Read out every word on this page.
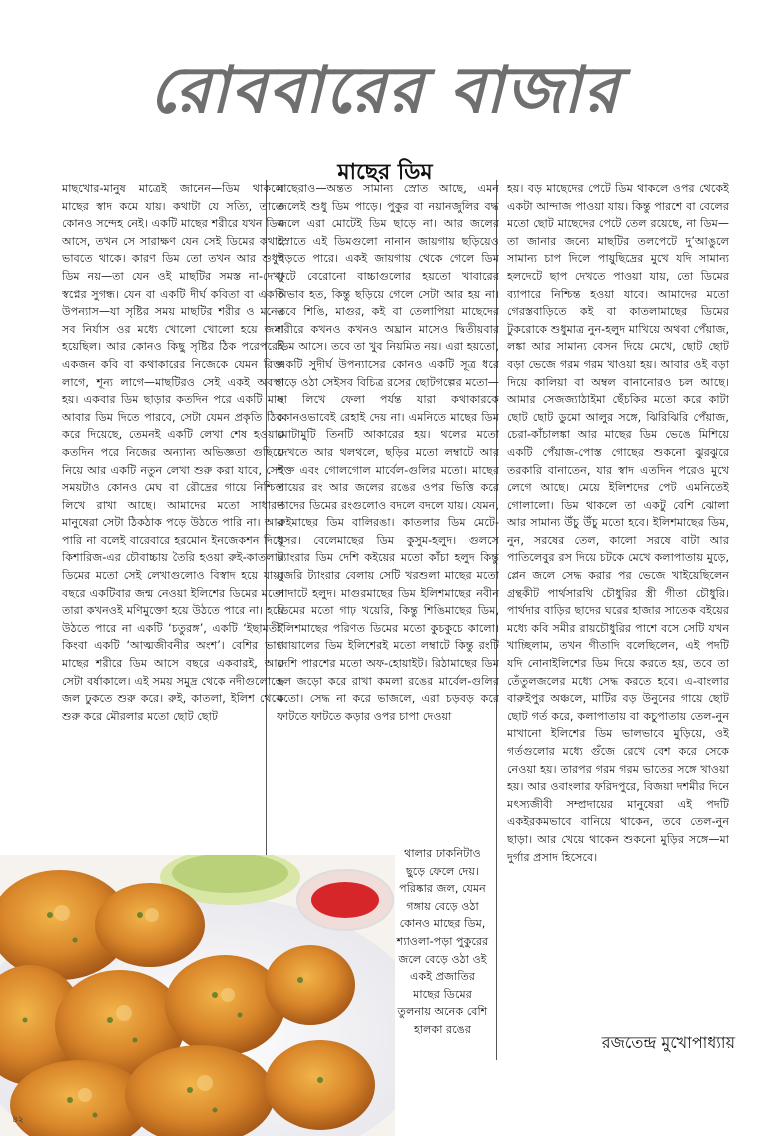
রোববারের বাজার
মাছের ডিম

মাছখোর-মানুষ মাত্রেই জানেন—ডিম থাকলে মাছের স্বাদ কমে যায়। কথাটা যে সত্যি, তাতে কোনও সন্দেহ নেই। একটি মাছের শরীরে যখন ডিম আসে, তখন সে সারাক্ষণ যেন সেই ডিমের কথাই ভাবতে থাকে। কারণ ডিম তো তখন আর শুধুই ডিম নয়—তা যেন ওই মাছটির সমস্ত না-দেখা স্বপ্নের সুগন্ধ। যেন বা একটি দীর্ঘ কবিতা বা একটি উপন্যাস—যা সৃষ্টির সময় মাছটির শরীর ও মনের সব নির্যাস ওর মধ্যে খোলো খোলো হয়ে জমা হয়েছিল। আর কোনও কিছু সৃষ্টির ঠিক পরেপরেই একজন কবি বা কথাকারের নিজেকে যেমন রিক্ত লাগে, শূন্য লাগে—মাছটিরও সেই একই অবস্থা হয়। একবার ডিম ছাড়ার কতদিন পরে একটি মাছ আবার ডিম দিতে পারবে, সেটা যেমন প্রকৃতি ঠিক করে দিয়েছে, তেমনই একটি লেখা শেষ হওয়ার কতদিন পরে নিজের অন্যান্য অভিজ্ঞতা গুছিয়ে নিয়ে আর একটি নতুন লেখা শুরু করা যাবে, সেই সময়টাও কোনও মেঘ বা রৌদ্রের গায়ে নিশ্চিত লিখে রাখা আছে। আমাদের মতো সাধারণ মানুষেরা সেটা ঠিকঠাক পড়ে উঠতে পারি না। আর পারি না বলেই বারেবারে হরমোন ইনজেকশন দিয়ে কিশারিজ-এর চৌবাচ্চায় তৈরি হওয়া রুই-কাতলার ডিমের মতো সেই লেখাগুলোও বিস্বাদ হয়ে যায়। বছরে একটিবার জন্ম নেওয়া ইলিশের ডিমের মতো তারা কখনওই মণিমুক্তো হয়ে উঠতে পারে না। হয়ে উঠতে পারে না একটি ‘চতুরঙ্গ’, একটি ‘ইছামতী’ কিংবা একটি ‘আত্মজীবনীর অংশ’। বেশির ভাগ মাছের শরীরে ডিম আসে বছরে একবারই, আর সেটা বর্ষাকালে। এই সময় সমুদ্র থেকে নদীগুলোতে জল ঢুকতে শুরু করে। রুই, কাতলা, ইলিশ থেকে শুরু করে মৌরলার মতো ছোট ছোট

মাছেরাও—অন্তত সামান্য স্রোত আছে, এমন জলেই শুধু ডিম পাড়ে। পুকুর বা নয়ানজুলির বদ্ধ জলে এরা মোটেই ডিম ছাড়ে না। আর জলের স্রোতে এই ডিমগুলো নানান জায়গায় ছড়িয়েও পড়তে পারে। একই জায়গায় থেকে গেলে ডিম ফুটে বেরোনো বাচ্চাগুলোর হয়তো খাবারের অভাব হত, কিন্তু ছড়িয়ে গেলে সেটা আর হয় না। তবে শিঙি, মাগুর, কই বা তেলাপিয়া মাছেদের শরীরে কখনও কখনও অঘ্রান মাসেও দ্বিতীয়বার ডিম আসে। তবে তা খুব নিয়মিত নয়। এরা হয়তো, একটি সুদীর্ঘ উপন্যাসের কোনও একটি সূত্র ধরে গড়ে ওঠা সেইসব বিচিত্র রসের ছোটগল্পের মতো—না লিখে ফেলা পর্যন্ত যারা কথাকারকে কোনওভাবেই রেহাই দেয় না। এমনিতে মাছের ডিম মোটামুটি তিনটি আকারের হয়। থলের মতো দেখতে আর থলথলে, ছড়ির মতো লম্বাটে আর শক্ত এবং গোলগোল মার্বেল-গুলির মতো। মাছের গায়ের রং আর জলের রঙের ওপর ভিত্তি করে তাদের ডিমের রংগুলোও বদলে বদলে যায়। যেমন, রুইমাছের ডিম বালিরঙা। কাতলার ডিম মেটে-ধূসর। বেলেমাছের ডিম কুসুম-হলুদ। গুলসে ট্যাংরার ডিম দেশি কইয়ের মতো কাঁচা হলুদ কিন্তু বুজরি ট্যাংরার বেলায় সেটি খরশুলা মাছের মতো সাদাটে হলুদ। মাগুরমাছের ডিম ইলিশমাছের নবীন ডিমের মতো গাঢ় খয়েরি, কিন্তু শিঙিমাছের ডিম, ইলিশমাছের পরিণত ডিমের মতো কুচকুচে কালো। বোয়ালের ডিম ইলিশেরই মতো লম্বাটে কিন্তু রংটি দেশি পারশের মতো অফ-হোয়াইট। রিঠামাছের ডিম হল জড়ো করে রাখা কমলা রঙের মার্বেল-গুলির মতো। সেদ্ধ না করে ভাজলে, এরা চড়বড় করে ফাটতে ফাটতে কড়ার ওপর চাপা দেওয়া

থালার ঢাকনিটাও ছুড়ে ফেলে দেয়। পরিষ্কার জল, যেমন গঙ্গায় বেড়ে ওঠা কোনও মাছের ডিম, শ্যাওলা-পড়া পুকুরের জলে বেড়ে ওঠা ওই একই প্রজাতির মাছের ডিমের তুলনায় অনেক বেশি হালকা রঙের

হয়। বড় মাছেদের পেটে ডিম থাকলে ওপর থেকেই একটা আন্দাজ পাওয়া যায়। কিন্তু পারশে বা বেলের মতো ছোট মাছেদের পেটে তেল রয়েছে, না ডিম—তা জানার জন্যে মাছটির তলপেটে দু’আঙুলে সামান্য চাপ দিলে পায়ুছিদ্রের মুখে যদি সামান্য হলদেটে ছাপ দেখতে পাওয়া যায়, তো ডিমের ব্যাপারে নিশ্চিন্ত হওয়া যাবে। আমাদের মতো গেরস্তবাড়িতে কই বা কাতলামাছের ডিমের টুকরোকে শুধুমাত্র নুন-হলুদ মাখিয়ে অথবা পেঁয়াজ, লঙ্কা আর সামান্য বেসন দিয়ে মেখে, ছোট ছোট বড়া ভেজে গরম গরম খাওয়া হয়। আবার ওই বড়া দিয়ে কালিয়া বা অম্বল বানানোরও চল আছে। আমার সেজজ্যাঠাইমা ছেঁচকির মতো করে কাটা ছোট ছোট ডুমো আলুর সঙ্গে, ঝিরিঝিরি পেঁয়াজ, চেরা-কাঁচালঙ্কা আর মাছের ডিম ভেঙে মিশিয়ে একটি পেঁয়াজ-পোস্ত গোছের শুকনো ঝুরঝুরে তরকারি বানাতেন, যার স্বাদ এতদিন পরেও মুখে লেগে আছে। মেয়ে ইলিশদের পেট এমনিতেই গোলালো। ডিম থাকলে তা একটু বেশি ঝোলা আর সামান্য উঁচু উঁচু মতো হবে। ইলিশমাছের ডিম, নুন, সরষের তেল, কালো সরষে বাটা আর পাতিলেবুর রস দিয়ে চটকে মেখে কলাপাতায় মুড়ে, প্লেন জলে সেদ্ধ করার পর ভেজে খাইয়েছিলেন গ্রন্থকীট পার্থসারথি চৌধুরির স্ত্রী গীতা চৌধুরি। পার্থদার বাড়ির ছাদের ঘরের হাজার সাতেক বইয়ের মধ্যে কবি সমীর রায়চৌধুরির পাশে বসে সেটি যখন খাচ্ছিলাম, তখন গীতাদি বলেছিলেন, এই পদটি যদি নোনাইলিশের ডিম দিয়ে করতে হয়, তবে তা তেঁতুলজলের মধ্যে সেদ্ধ করতে হবে। এ-বাংলার বারুইপুর অঞ্চলে, মাটির বড় উনুনের গায়ে ছোট ছোট গর্ত করে, কলাপাতায় বা কচুপাতায় তেল-নুন মাখানো ইলিশের ডিম ভালভাবে মুড়িয়ে, ওই গর্তগুলোর মধ্যে গুঁজে রেখে বেশ করে সেকে নেওয়া হয়। তারপর গরম গরম ভাতের সঙ্গে খাওয়া হয়। আর ওবাংলার ফরিদপুরে, বিজয়া দশমীর দিনে মৎস্যজীবী সম্প্রদায়ের মানুষেরা এই পদটি একইরকমভাবে বানিয়ে থাকেন, তবে তেল-নুন ছাড়া। আর খেয়ে থাকেন শুকনো মুড়ির সঙ্গে—মা দুর্গার প্রসাদ হিসেবে।

রজতেন্দ্র মুখোপাধ্যায়
৪২
